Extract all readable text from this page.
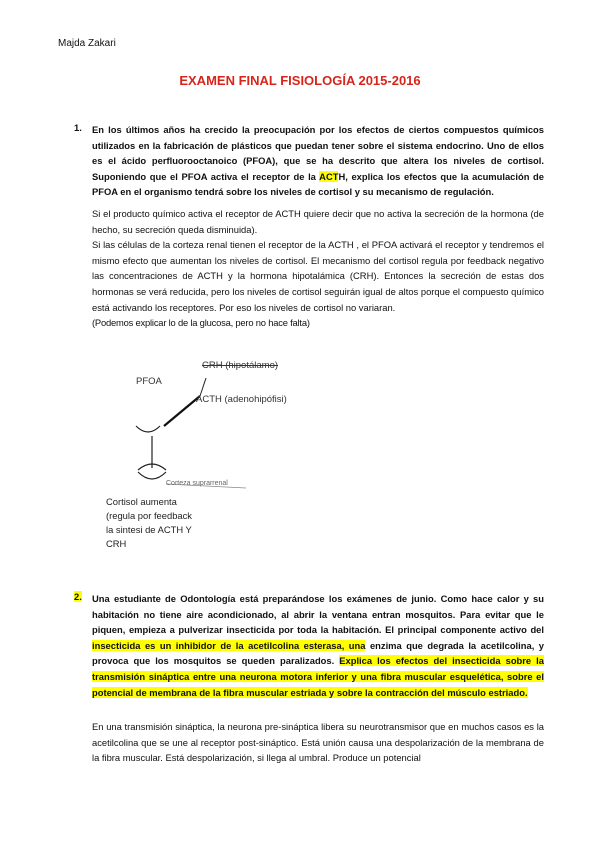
Majda Zakari
EXAMEN FINAL FISIOLOGÍA 2015-2016
1. En los últimos años ha crecido la preocupación por los efectos de ciertos compuestos químicos utilizados en la fabricación de plásticos que puedan tener sobre el sistema endocrino. Uno de ellos es el ácido perfluorooctanoico (PFOA), que se ha descrito que altera los niveles de cortisol. Suponiendo que el PFOA activa el receptor de la ACTH, explica los efectos que la acumulación de PFOA en el organismo tendrá sobre los niveles de cortisol y su mecanismo de regulación.

Si el producto químico activa el receptor de ACTH quiere decir que no activa la secreción de la hormona (de hecho, su secreción queda disminuida).

Si las células de la corteza renal tienen el receptor de la ACTH , el PFOA activará el receptor y tendremos el mismo efecto que aumentan los niveles de cortisol. El mecanismo del cortisol regula por feedback negativo las concentraciones de ACTH y la hormona hipotalámica (CRH). Entonces la secreción de estas dos hormonas se verá reducida, pero los niveles de cortisol seguirán igual de altos porque el compuesto químico está activando los receptores. Por eso los niveles de cortisol no variaran.

(Podemos explicar lo de la glucosa, pero no hace falta)

CRH (hipotálamo)
PFOA
ACTH (adenohipófisi)
Corteza suprarrenal
Cortisol aumenta
(regula por feedback
la sintesi de ACTH Y
CRH
2. Una estudiante de Odontología está preparándose los exámenes de junio. Como hace calor y su habitación no tiene aire acondicionado, al abrir la ventana entran mosquitos. Para evitar que le piquen, empieza a pulverizar insecticida por toda la habitación. El principal componente activo del insecticida es un inhibidor de la acetilcolina esterasa, una enzima que degrada la acetilcolina, y provoca que los mosquitos se queden paralizados. Explica los efectos del insecticida sobre la transmisión sináptica entre una neurona motora inferior y una fibra muscular esquelética, sobre el potencial de membrana de la fibra muscular estriada y sobre la contracción del músculo estriado.

En una transmisión sináptica, la neurona pre-sináptica libera su neurotransmisor que en muchos casos es la acetilcolina que se une al receptor post-sináptico. Está unión causa una despolarización de la membrana de la fibra muscular. Está despolarización, si llega al umbral. Produce un potencial
